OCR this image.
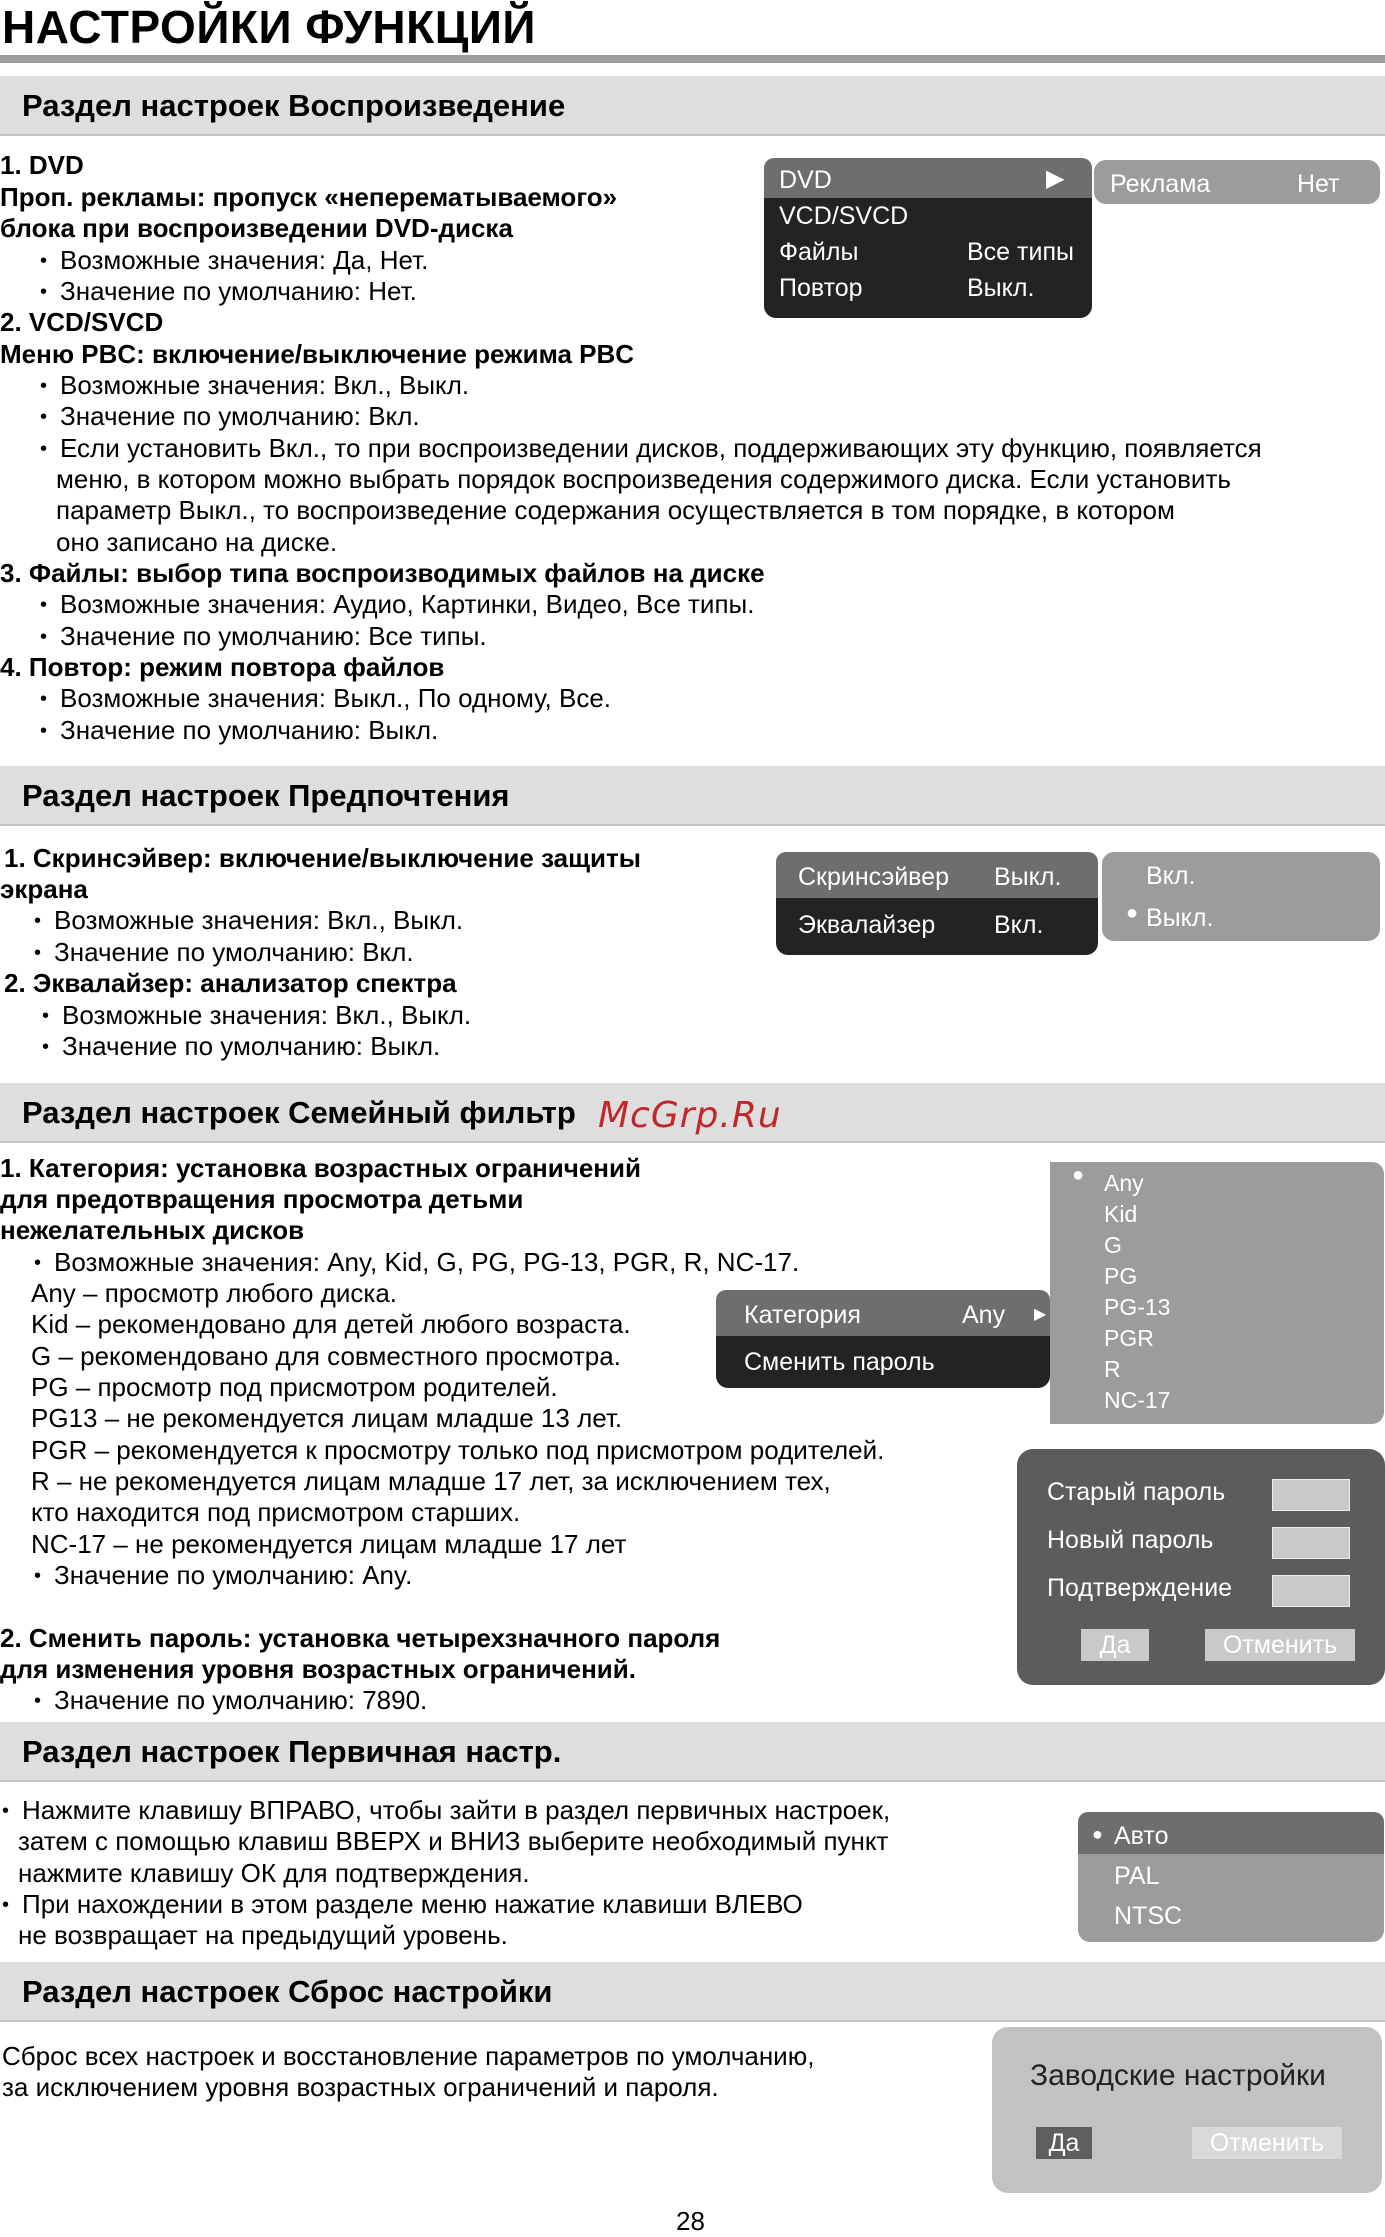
НАСТРОЙКИ ФУНКЦИЙ
Раздел настроек Воспроизведение
1. DVD
Проп. рекламы: пропуск «неперематываемого»
блока при воспроизведении DVD-диска
• Возможные значения: Да, Нет.
• Значение по умолчанию: Нет.
2. VCD/SVCD
Меню PBC: включение/выключение режима PBC
• Возможные значения: Вкл., Выкл.
• Значение по умолчанию: Вкл.
• Если установить Вкл., то при воспроизведении дисков, поддерживающих эту функцию, появляется
меню, в котором можно выбрать порядок воспроизведения содержимого диска. Если установить
параметр Выкл., то воспроизведение содержания осуществляется в том порядке, в котором
оно записано на диске.
3. Файлы: выбор типа воспроизводимых файлов на диске
• Возможные значения: Аудио, Картинки, Видео, Все типы.
• Значение по умолчанию: Все типы.
4. Повтор: режим повтора файлов
• Возможные значения: Выкл., По одному, Все.
• Значение по умолчанию: Выкл.
DVD	▶
VCD/SVCD
Файлы	Все типы
Повтор	Выкл.
Реклама	Нет
Раздел настроек Предпочтения
1. Скринсэйвер: включение/выключение защиты
экрана
• Возможные значения: Вкл., Выкл.
• Значение по умолчанию: Вкл.
2. Эквалайзер: анализатор спектра
• Возможные значения: Вкл., Выкл.
• Значение по умолчанию: Выкл.
Скринсэйвер Выкл.
Эквалайзер Вкл.
Вкл.
● Выкл.
Раздел настроек Семейный фильтр McGrp.Ru
1. Категория: установка возрастных ограничений
для предотвращения просмотра детьми
нежелательных дисков
• Возможные значения: Any, Kid, G, PG, PG-13, PGR, R, NC-17.
Any – просмотр любого диска.
Kid – рекомендовано для детей любого возраста.
G – рекомендовано для совместного просмотра.
PG – просмотр под присмотром родителей.
PG13 – не рекомендуется лицам младше 13 лет.
PGR – рекомендуется к просмотру только под присмотром родителей.
R – не рекомендуется лицам младше 17 лет, за исключением тех,
кто находится под присмотром старших.
NC-17 – не рекомендуется лицам младше 17 лет
• Значение по умолчанию: Any.
2. Сменить пароль: установка четырехзначного пароля
для изменения уровня возрастных ограничений.
• Значение по умолчанию: 7890.
Категория	Any ▶
Сменить пароль
● Any
Kid
G
PG
PG-13
PGR
R
NC-17
Старый пароль
Новый пароль
Подтверждение
Да	Отменить
Раздел настроек Первичная настр.
• Нажмите клавишу ВПРАВО, чтобы зайти в раздел первичных настроек,
затем с помощью клавиш ВВЕРХ и ВНИЗ выберите необходимый пункт
нажмите клавишу ОК для подтверждения.
• При нахождении в этом разделе меню нажатие клавиши ВЛЕВО
не возвращает на предыдущий уровень.
● Авто
PAL
NTSC
Раздел настроек Сброс настройки
Сброс всех настроек и восстановление параметров по умолчанию,
за исключением уровня возрастных ограничений и пароля.	Заводские настройки
Да	Отменить
28
